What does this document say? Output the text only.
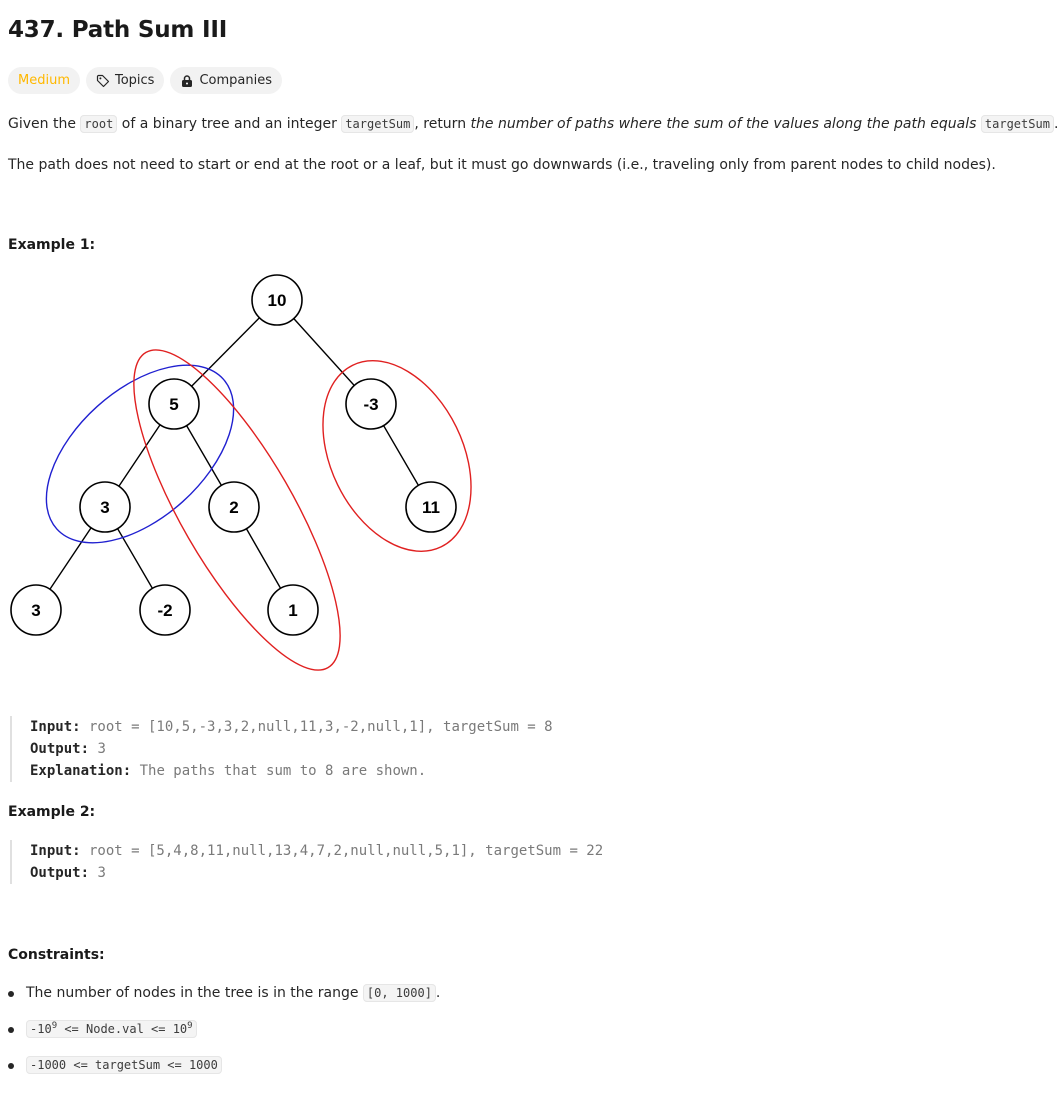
437. Path Sum III
Medium	Topics	Companies

Given the root of a binary tree and an integer targetSum , return the number of paths where the sum of the values along the path equals targetSum .

The path does not need to start or end at the root or a leaf, but it must go downwards (i.e., traveling only from parent nodes to child nodes).

Example 1:

10
5	-3
3	2	11
3	-2	1
Input: root = [10,5,-3,3,2,null,11,3,-2,null,1], targetSum = 8
Output: 3
Explanation: The paths that sum to 8 are shown.

Example 2:

Input: root = [5,4,8,11,null,13,4,7,2,null,null,5,1], targetSum = 22
Output: 3

Constraints:

The number of nodes in the tree is in the range [0, 1000] .
$-10^9$ <= Node.val <= $10^9$
-1000 <= targetSum <= 1000
